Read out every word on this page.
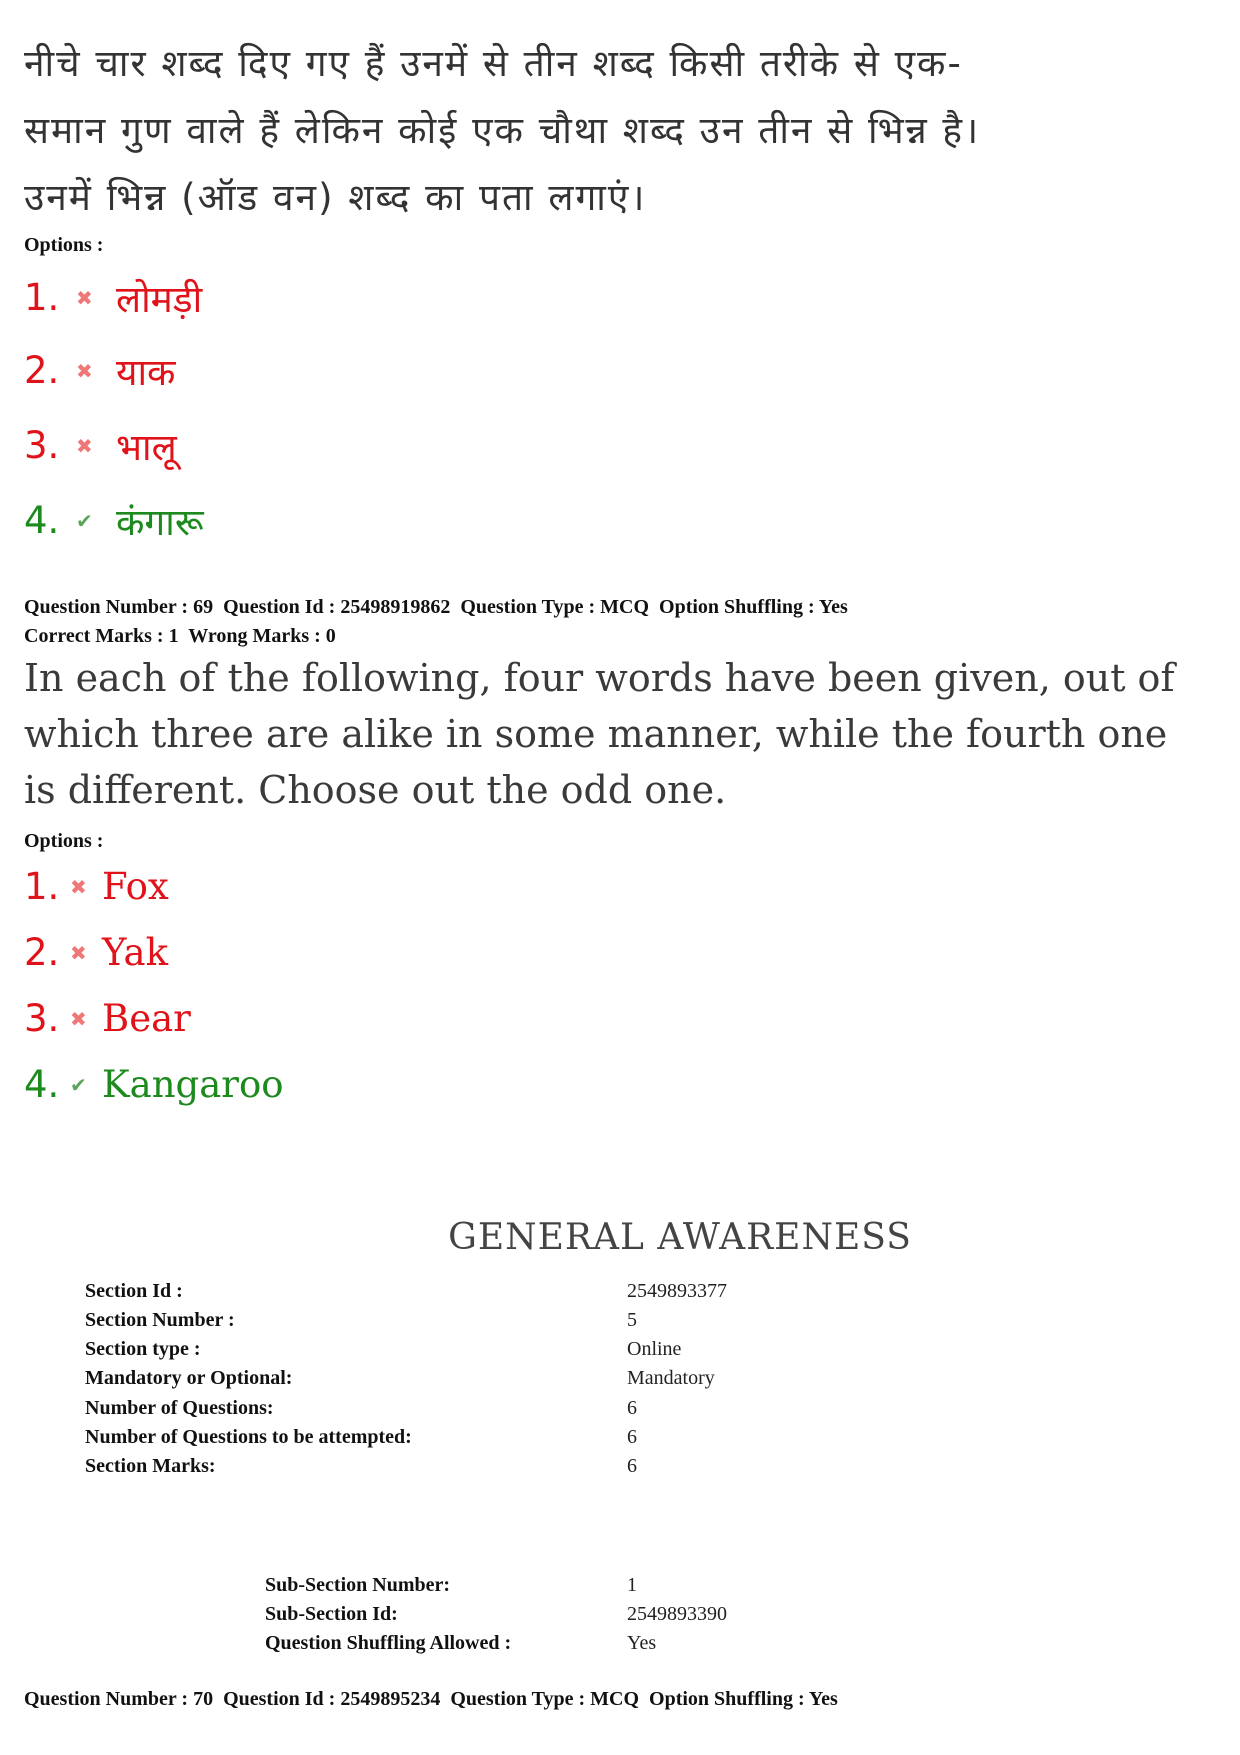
नीचे चार शब्द दिए गए हैं उनमें से तीन शब्द किसी तरीके से एक-
समान गुण वाले हैं लेकिन कोई एक चौथा शब्द उन तीन से भिन्न है।
उनमें भिन्न (ऑड वन) शब्द का पता लगाएं।
Options :
1. ✖ लोमड़ी
2. ✖ याक
3. ✖ भालू
4. ✔ कंगारू
Question Number : 69  Question Id : 25498919862  Question Type : MCQ  Option Shuffling : Yes
Correct Marks : 1  Wrong Marks : 0
In each of the following, four words have been given, out of
which three are alike in some manner, while the fourth one
is different. Choose out the odd one.
Options :
1. ✖ Fox
2. ✖ Yak
3. ✖ Bear
4. ✔ Kangaroo
GENERAL AWARENESS
Section Id :	2549893377
Section Number :	5
Section type :	Online
Mandatory or Optional:	Mandatory
Number of Questions:	6
Number of Questions to be attempted:	6
Section Marks:	6
Sub-Section Number:	1
Sub-Section Id:	2549893390
Question Shuffling Allowed :	Yes
Question Number : 70  Question Id : 2549895234  Question Type : MCQ  Option Shuffling : Yes
